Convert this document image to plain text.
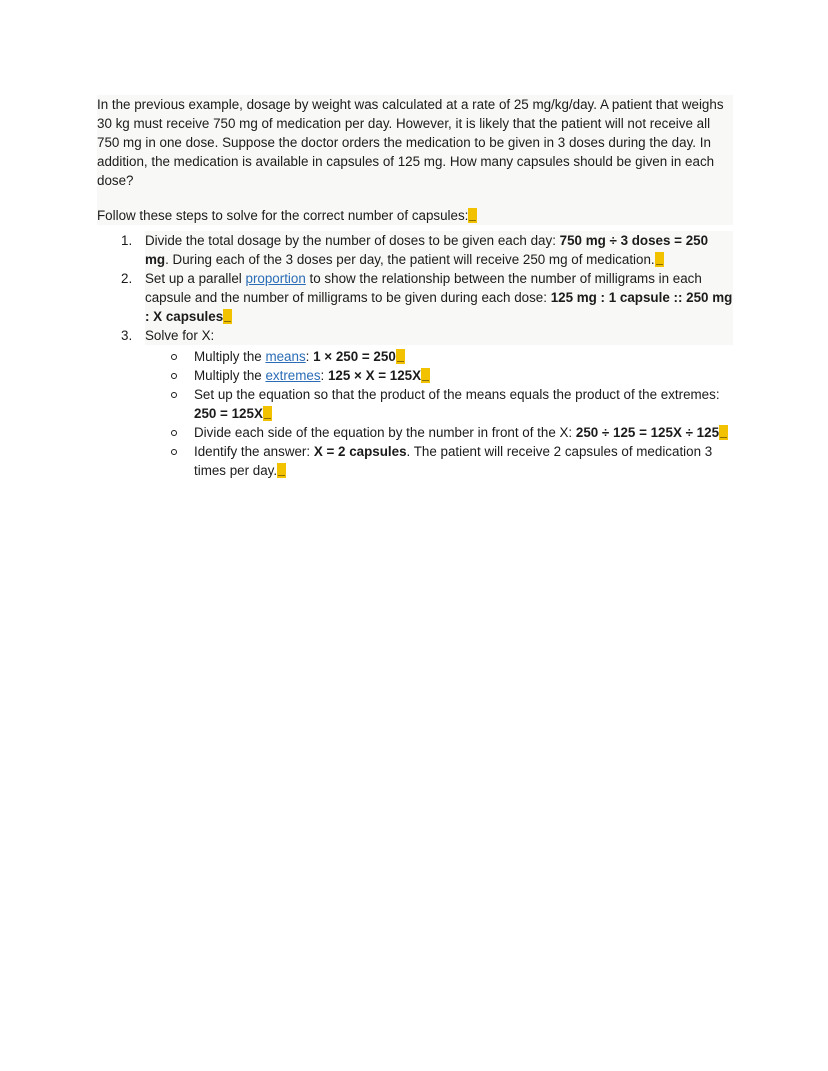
In the previous example, dosage by weight was calculated at a rate of 25 mg/kg/day. A patient that weighs 30 kg must receive 750 mg of medication per day. However, it is likely that the patient will not receive all 750 mg in one dose. Suppose the doctor orders the medication to be given in 3 doses during the day. In addition, the medication is available in capsules of 125 mg. How many capsules should be given in each dose?

Follow these steps to solve for the correct number of capsules:

Divide the total dosage by the number of doses to be given each day: 750 mg ÷ 3 doses = 250 mg. During each of the 3 doses per day, the patient will receive 250 mg of medication.
Set up a parallel proportion to show the relationship between the number of milligrams in each capsule and the number of milligrams to be given during each dose: 125 mg : 1 capsule :: 250 mg : X capsules
Solve for X:
Multiply the means: 1 × 250 = 250
Multiply the extremes: 125 × X = 125X
Set up the equation so that the product of the means equals the product of the extremes: 250 = 125X
Divide each side of the equation by the number in front of the X: 250 ÷ 125 = 125X ÷ 125
Identify the answer: X = 2 capsules. The patient will receive 2 capsules of medication 3 times per day.
